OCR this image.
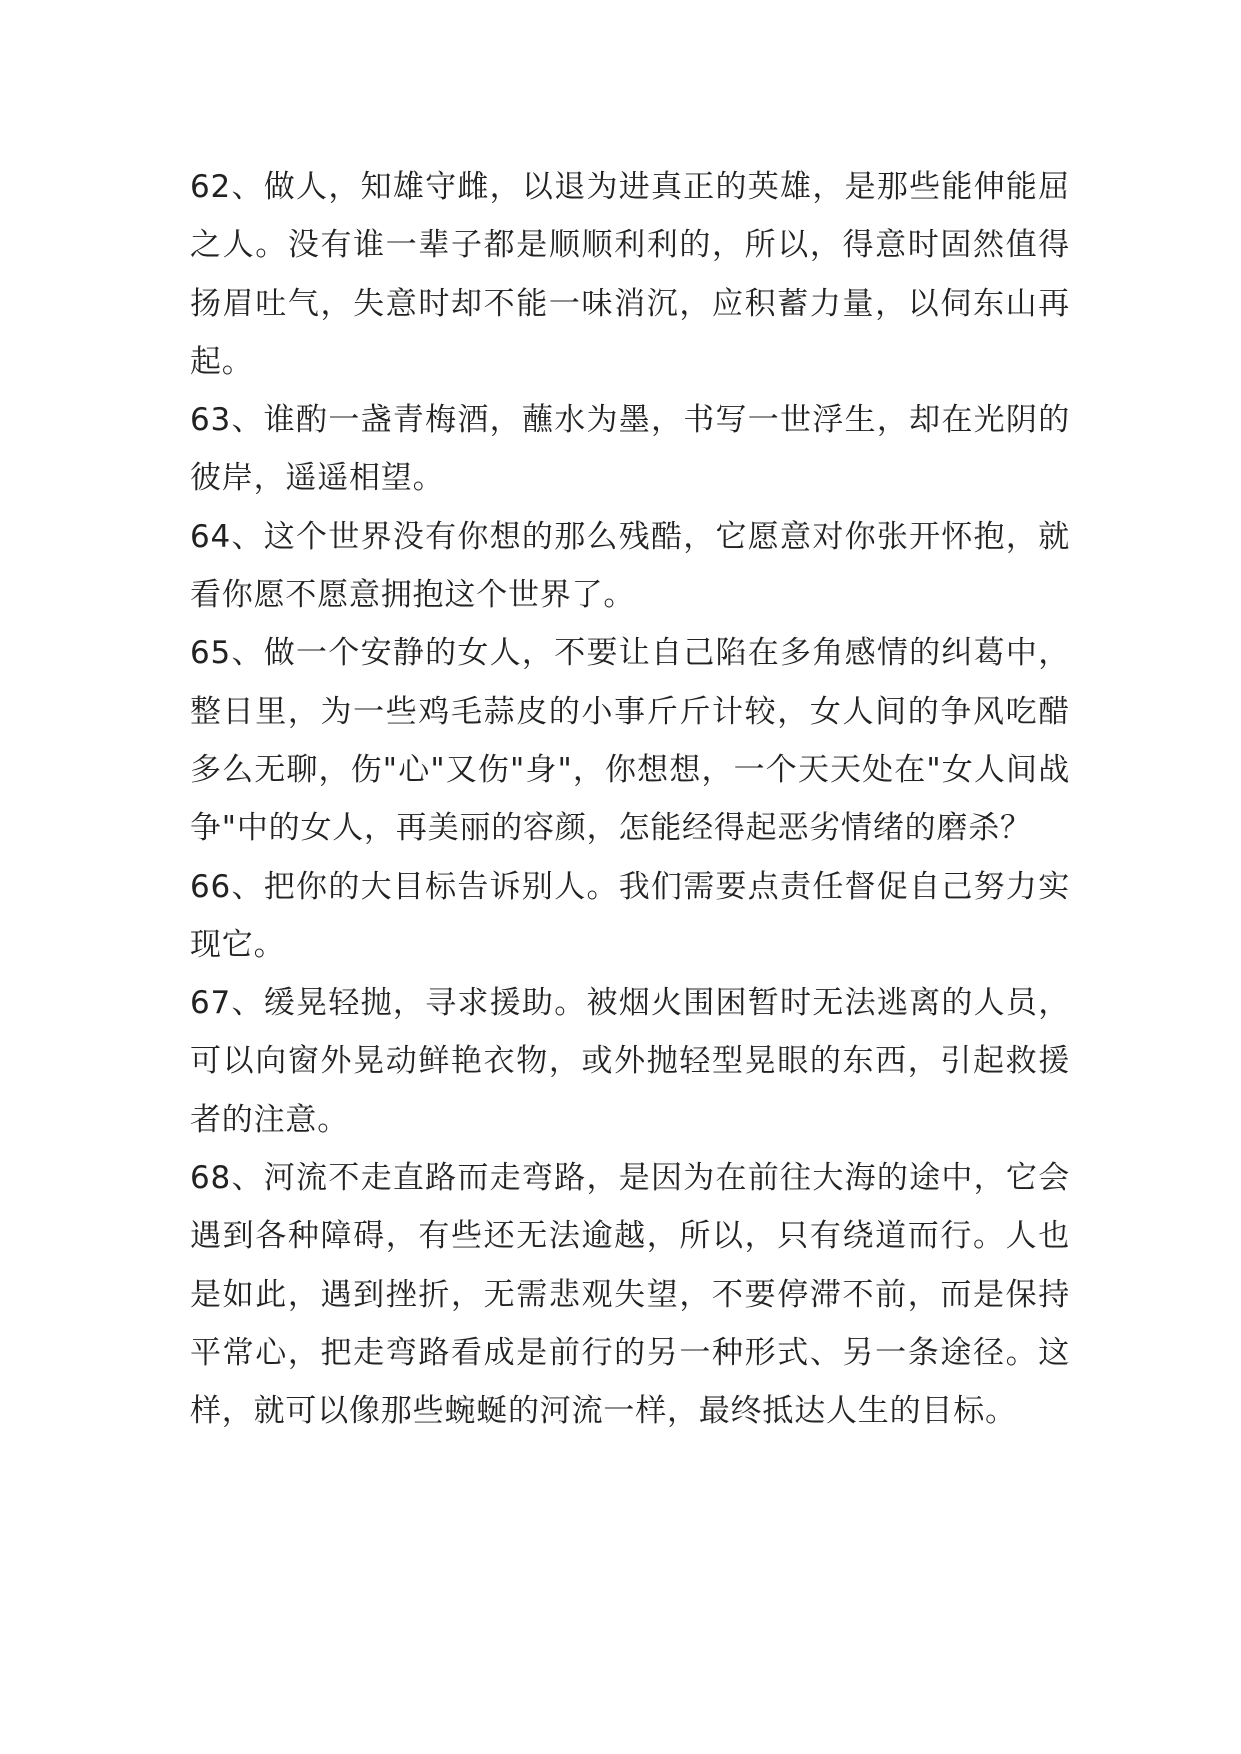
62、做人，知雄守雌，以退为进真正的英雄，是那些能伸能屈之人。没有谁一辈子都是顺顺利利的，所以，得意时固然值得扬眉吐气，失意时却不能一味消沉，应积蓄力量，以伺东山再起。

63、谁酌一盏青梅酒，蘸水为墨，书写一世浮生，却在光阴的彼岸，遥遥相望。

64、这个世界没有你想的那么残酷，它愿意对你张开怀抱，就看你愿不愿意拥抱这个世界了。

65、做一个安静的女人，不要让自己陷在多角感情的纠葛中，整日里，为一些鸡毛蒜皮的小事斤斤计较，女人间的争风吃醋多么无聊，伤"心"又伤"身"，你想想，一个天天处在"女人间战争"中的女人，再美丽的容颜，怎能经得起恶劣情绪的磨杀？

66、把你的大目标告诉别人。我们需要点责任督促自己努力实现它。

67、缓晃轻抛，寻求援助。被烟火围困暂时无法逃离的人员，可以向窗外晃动鲜艳衣物，或外抛轻型晃眼的东西，引起救援者的注意。

68、河流不走直路而走弯路，是因为在前往大海的途中，它会遇到各种障碍，有些还无法逾越，所以，只有绕道而行。人也是如此，遇到挫折，无需悲观失望，不要停滞不前，而是保持平常心，把走弯路看成是前行的另一种形式、另一条途径。这样，就可以像那些蜿蜒的河流一样，最终抵达人生的目标。
